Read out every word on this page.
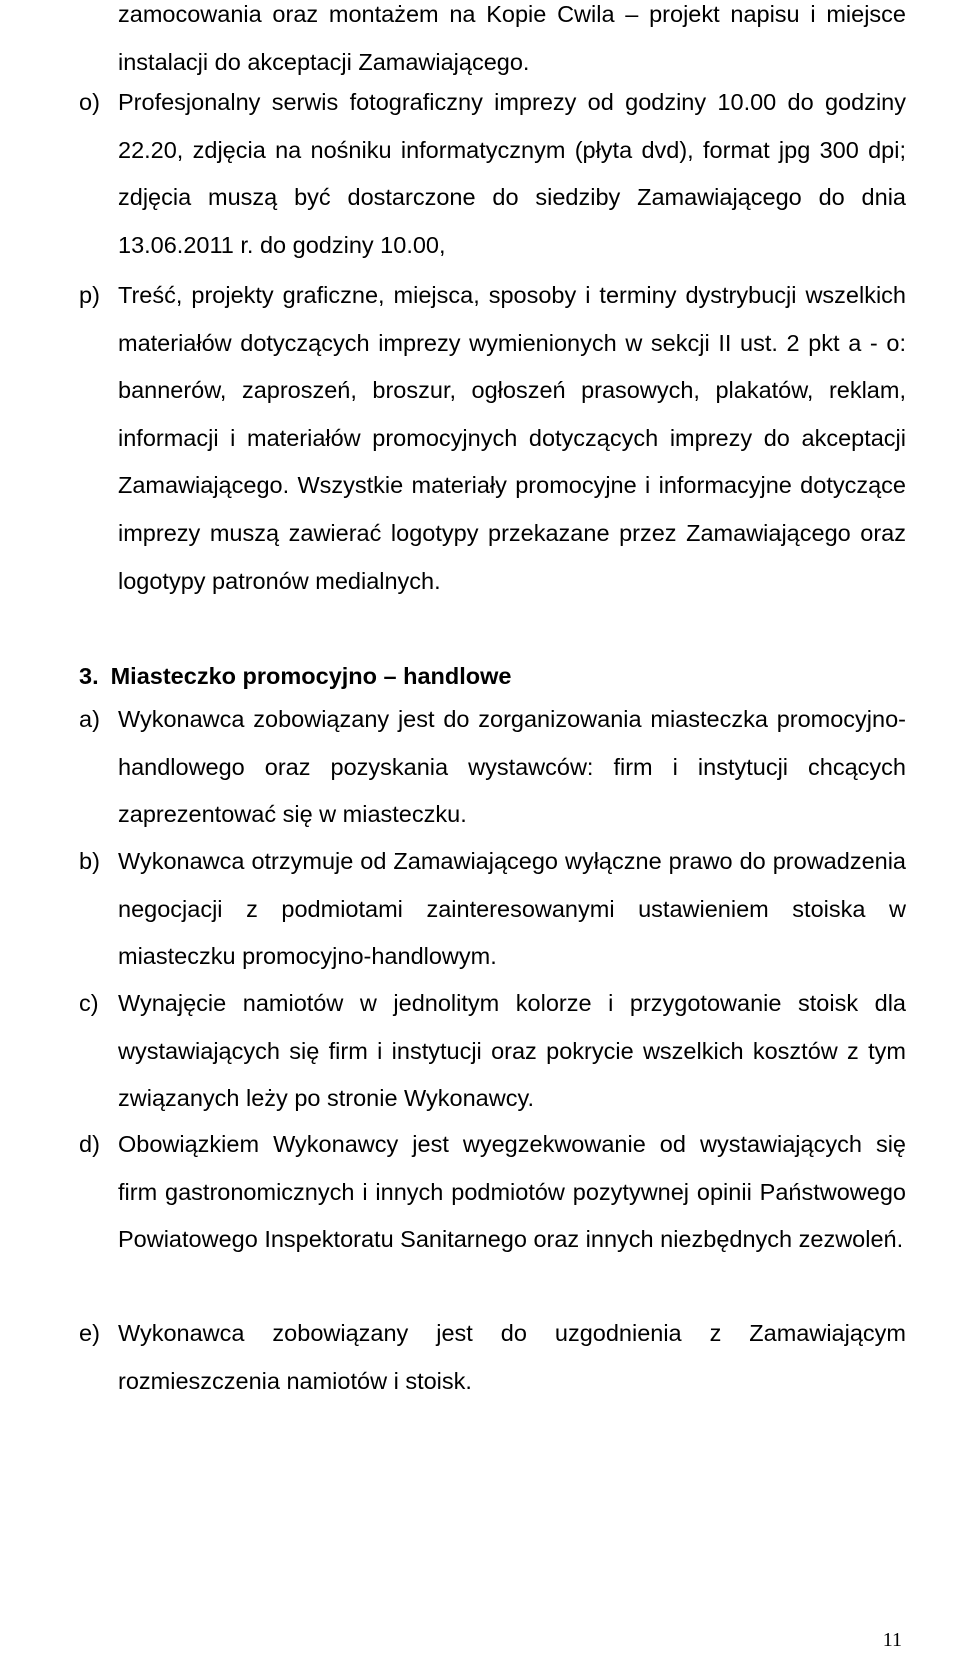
zamocowania oraz montażem na Kopie Cwila – projekt napisu i miejsce instalacji do akceptacji Zamawiającego.
o) Profesjonalny serwis fotograficzny imprezy od godziny 10.00 do godziny 22.20, zdjęcia na nośniku informatycznym (płyta dvd), format jpg 300 dpi; zdjęcia muszą być dostarczone do siedziby Zamawiającego do dnia 13.06.2011 r. do godziny 10.00,
p) Treść, projekty graficzne, miejsca, sposoby i terminy dystrybucji wszelkich materiałów dotyczących imprezy wymienionych w sekcji II ust. 2 pkt a - o: bannerów, zaproszeń, broszur, ogłoszeń prasowych, plakatów, reklam, informacji i materiałów promocyjnych dotyczących imprezy do akceptacji Zamawiającego. Wszystkie materiały promocyjne i informacyjne dotyczące imprezy muszą zawierać logotypy przekazane przez Zamawiającego oraz logotypy patronów medialnych.
3. Miasteczko promocyjno – handlowe
a) Wykonawca zobowiązany jest do zorganizowania miasteczka promocyjno-handlowego oraz pozyskania wystawców: firm i instytucji chcących zaprezentować się w miasteczku.
b) Wykonawca otrzymuje od Zamawiającego wyłączne prawo do prowadzenia negocjacji z podmiotami zainteresowanymi ustawieniem stoiska w miasteczku promocyjno-handlowym.
c) Wynajęcie namiotów w jednolitym kolorze i przygotowanie stoisk dla wystawiających się firm i instytucji oraz pokrycie wszelkich kosztów z tym związanych leży po stronie Wykonawcy.
d) Obowiązkiem Wykonawcy jest wyegzekwowanie od wystawiających się firm gastronomicznych i innych podmiotów pozytywnej opinii Państwowego Powiatowego Inspektoratu Sanitarnego oraz innych niezbędnych zezwoleń.
e) Wykonawca zobowiązany jest do uzgodnienia z Zamawiającym rozmieszczenia namiotów i stoisk.
11
